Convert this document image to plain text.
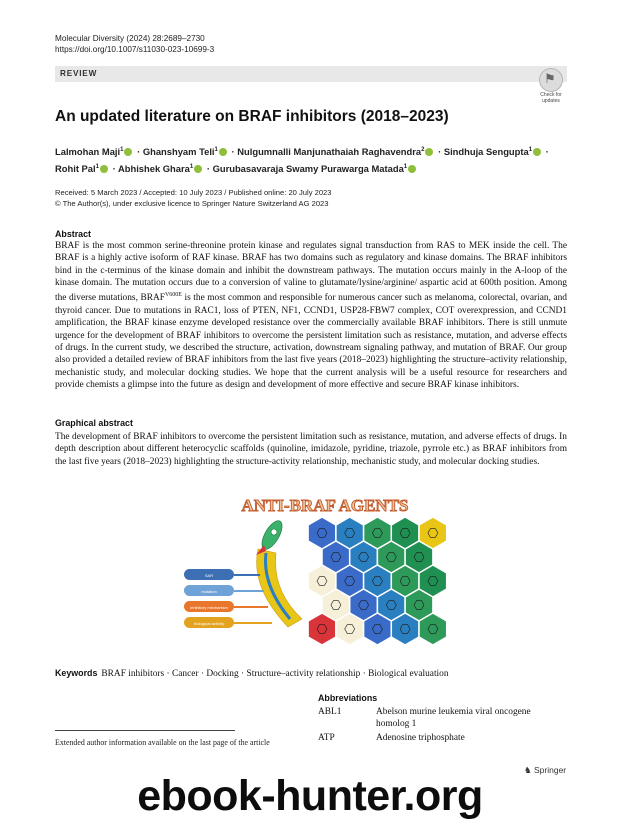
Molecular Diversity (2024) 28:2689–2730
https://doi.org/10.1007/s11030-023-10699-3
REVIEW	⚑
Check for
updates
An updated literature on BRAF inhibitors (2018–2023)
Lalmohan Maji$^1$ · Ghanshyam Teli$^1$ · Nulgumnalli Manjunathaiah Raghavendra$^2$ · Sindhuja Sengupta$^1$ ·
Rohit Pal$^1$ · Abhishek Ghara$^1$ · Gurubasavaraja Swamy Purawarga Matada$^1$
Received: 5 March 2023 / Accepted: 10 July 2023 / Published online: 20 July 2023
© The Author(s), under exclusive licence to Springer Nature Switzerland AG 2023
Abstract
BRAF is the most common serine-threonine protein kinase and regulates signal transduction from RAS to MEK inside the cell. The BRAF is a highly active isoform of RAF kinase. BRAF has two domains such as regulatory and kinase domains. The BRAF inhibitors bind in the c-terminus of the kinase domain and inhibit the downstream pathways. The mutation occurs mainly in the A-loop of the kinase domain. The mutation occurs due to a conversion of valine to glutamate/lysine/arginine/ aspartic acid at 600th position. Among the diverse mutations, $BRAF^{V600E}$ is the most common and responsible for numerous cancer such as melanoma, colorectal, ovarian, and thyroid cancer. Due to mutations in RAC1, loss of PTEN, NF1, CCND1, USP28-FBW7 complex, COT overexpression, and CCND1 amplification, the BRAF kinase enzyme developed resistance over the commercially available BRAF inhibitors. There is still unmute urgence for the development of BRAF inhibitors to overcome the persistent limitation such as resistance, mutation, and adverse effects of drugs. In the current study, we described the structure, activation, downstream signaling pathway, and mutation of BRAF. Our group also provided a detailed review of BRAF inhibitors from the last five years (2018–2023) highlighting the structure–activity relationship, mechanistic study, and molecular docking studies. We hope that the current analysis will be a useful resource for researchers and provide chemists a glimpse into the future as design and development of more effective and secure BRAF kinase inhibitors.
Graphical abstract
The development of BRAF inhibitors to overcome the persistent limitation such as resistance, mutation, and adverse effects of drugs. In depth description about different heterocyclic scaffolds (quinoline, imidazole, pyridine, triazole, pyrrole etc.) as BRAF inhibitors from the last five years (2018–2023) highlighting the structure-activity relationship, mechanistic study, and molecular docking studies.
ANTI-BRAF AGENTS
SAR
mutation
inhibitory mechanism
biological activity
Keywords BRAF inhibitors · Cancer · Docking · Structure–activity relationship · Biological evaluation
Abbreviations
ABL1	Abelson murine leukemia viral oncogene homolog 1
ATP	Adenosine triphosphate
Extended author information available on the last page of the article
♞ Springer
ebook-hunter.org
